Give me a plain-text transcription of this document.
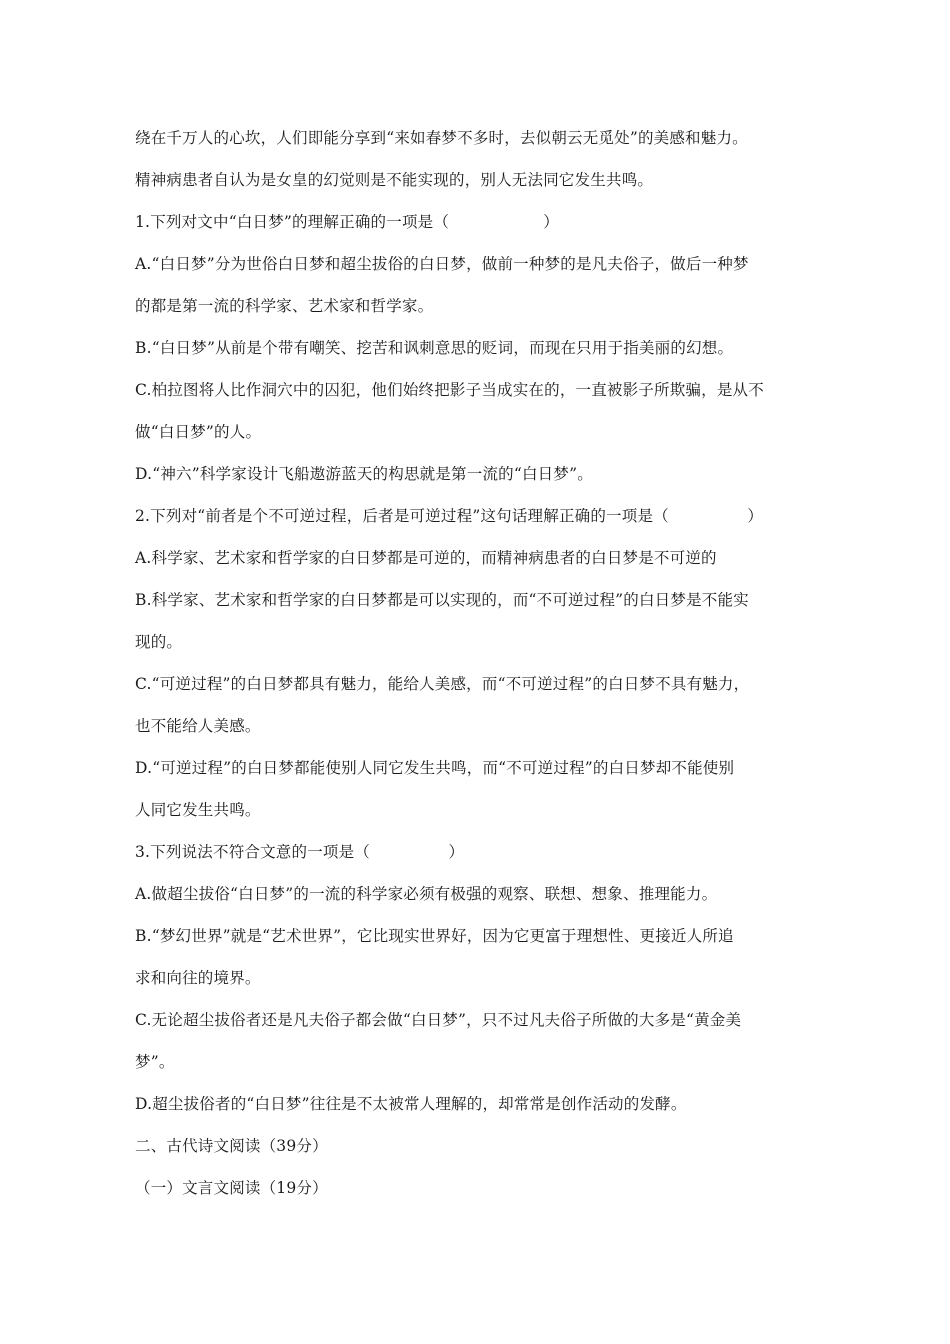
绕在千万人的心坎，人们即能分享到“来如春梦不多时，去似朝云无觅处”的美感和魅力。
精神病患者自认为是女皇的幻觉则是不能实现的，别人无法同它发生共鸣。
1.下列对文中“白日梦”的理解正确的一项是（　　　　　　）
A.“白日梦”分为世俗白日梦和超尘拔俗的白日梦，做前一种梦的是凡夫俗子，做后一种梦
的都是第一流的科学家、艺术家和哲学家。
B.“白日梦”从前是个带有嘲笑、挖苦和讽刺意思的贬词，而现在只用于指美丽的幻想。
C.柏拉图将人比作洞穴中的囚犯，他们始终把影子当成实在的，一直被影子所欺骗，是从不
做“白日梦”的人。
D.“神六”科学家设计飞船遨游蓝天的构思就是第一流的“白日梦”。
2.下列对“前者是个不可逆过程，后者是可逆过程”这句话理解正确的一项是（　　　　　）
A.科学家、艺术家和哲学家的白日梦都是可逆的，而精神病患者的白日梦是不可逆的
B.科学家、艺术家和哲学家的白日梦都是可以实现的，而“不可逆过程”的白日梦是不能实
现的。
C.“可逆过程”的白日梦都具有魅力，能给人美感，而“不可逆过程”的白日梦不具有魅力，
也不能给人美感。
D.“可逆过程”的白日梦都能使别人同它发生共鸣，而“不可逆过程”的白日梦却不能使别
人同它发生共鸣。
3.下列说法不符合文意的一项是（　　　　　）
A.做超尘拔俗“白日梦”的一流的科学家必须有极强的观察、联想、想象、推理能力。
B.“梦幻世界”就是“艺术世界”，它比现实世界好，因为它更富于理想性、更接近人所追
求和向往的境界。
C.无论超尘拔俗者还是凡夫俗子都会做“白日梦”，只不过凡夫俗子所做的大多是“黄金美
梦”。
D.超尘拔俗者的“白日梦”往往是不太被常人理解的，却常常是创作活动的发酵。
二、古代诗文阅读（39分）
（一）文言文阅读（19分）
